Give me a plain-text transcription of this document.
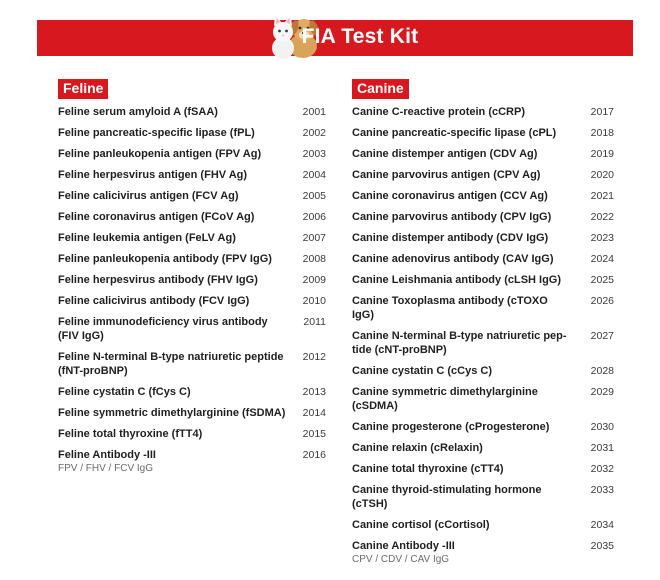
FIA Test Kit
Feline
Feline serum amyloid A (fSAA)	2001
Feline pancreatic-specific lipase (fPL)	2002
Feline panleukopenia antigen (FPV Ag)	2003
Feline herpesvirus antigen (FHV Ag)	2004
Feline calicivirus antigen (FCV Ag)	2005
Feline coronavirus antigen (FCoV Ag)	2006
Feline leukemia antigen (FeLV Ag)	2007
Feline panleukopenia antibody (FPV IgG)	2008
Feline herpesvirus antibody (FHV IgG)	2009
Feline calicivirus antibody (FCV IgG)	2010
Feline immunodeficiency virus antibody (FIV IgG)
2011
Feline N-terminal B-type natriuretic peptide (fNT-proBNP)
2012
Feline cystatin C (fCys C)	2013
Feline symmetric dimethylarginine (fSDMA) 2014
Feline total thyroxine (fTT4)	2015
Feline Antibody -III	2016
FPV / FHV / FCV IgG
Canine
Canine C-reactive protein (cCRP)	2017
Canine pancreatic-specific lipase (cPL)	2018
Canine distemper antigen (CDV Ag)	2019
Canine parvovirus antigen (CPV Ag)	2020
Canine coronavirus antigen (CCV Ag)	2021
Canine parvovirus antibody (CPV IgG)	2022
Canine distemper antibody (CDV IgG)	2023
Canine adenovirus antibody (CAV IgG)	2024
Canine Leishmania antibody (cLSH IgG)	2025
Canine Toxoplasma antibody (cTOXO IgG)
2026
Canine N-terminal B-type natriuretic pep-tide (cNT-proBNP)
2027
Canine cystatin C (cCys C)	2028
Canine symmetric dimethylarginine (cSDMA)
2029
Canine progesterone (cProgesterone)	2030
Canine relaxin (cRelaxin)	2031
Canine total thyroxine (cTT4)	2032
Canine thyroid-stimulating hormone (cTSH)
2033
Canine cortisol (cCortisol)	2034
Canine Antibody -III	2035
CPV / CDV / CAV IgG
